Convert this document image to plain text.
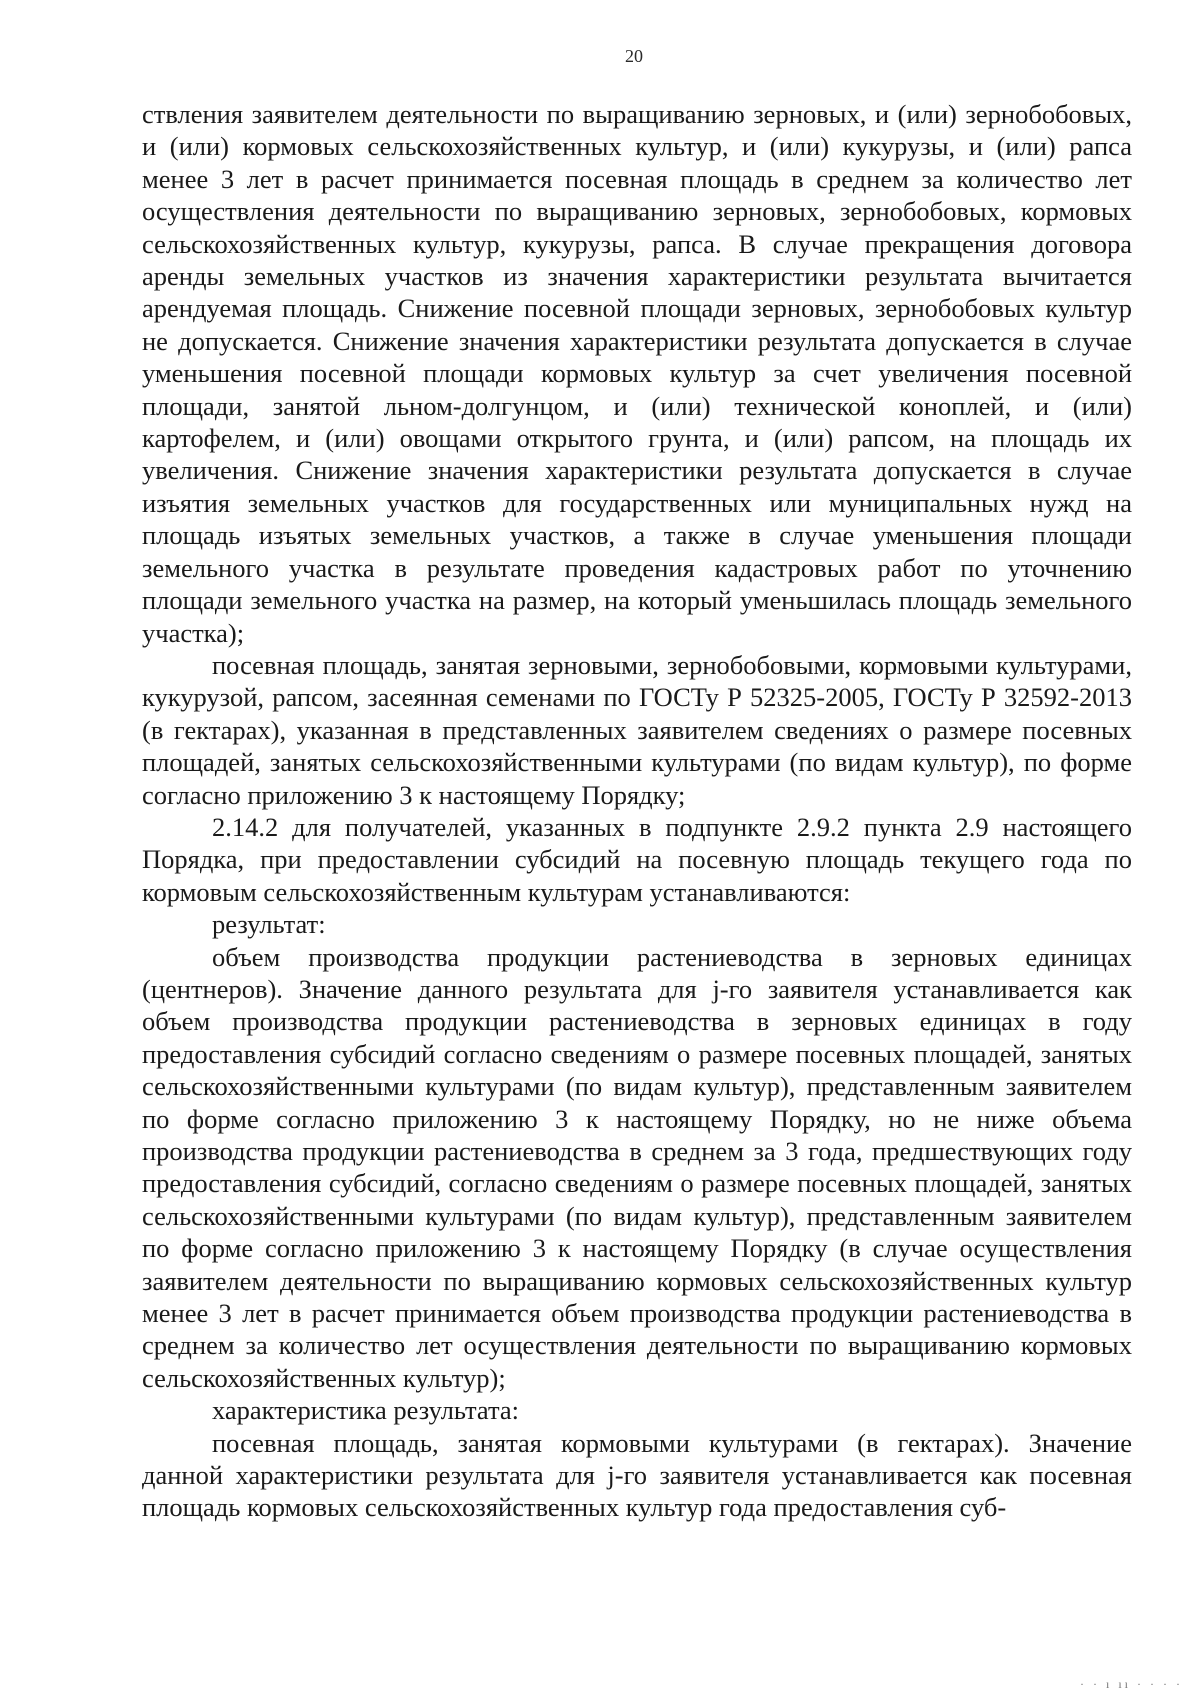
20

ствления заявителем деятельности по выращиванию зерновых, и (или) зернобобовых, и (или) кормовых сельскохозяйственных культур, и (или) кукурузы, и (или) рапса менее 3 лет в расчет принимается посевная площадь в среднем за количество лет осуществления деятельности по выращиванию зерновых, зернобобовых, кормовых сельскохозяйственных культур, кукурузы, рапса. В случае прекращения договора аренды земельных участков из значения характеристики результата вычитается арендуемая площадь. Снижение посевной площади зерновых, зернобобовых культур не допускается. Снижение значения характеристики результата допускается в случае уменьшения посевной площади кормовых культур за счет увеличения посевной площади, занятой льном-долгунцом, и (или) технической коноплей, и (или) картофелем, и (или) овощами открытого грунта, и (или) рапсом, на площадь их увеличения. Снижение значения характеристики результата допускается в случае изъятия земельных участков для государственных или муниципальных нужд на площадь изъятых земельных участков, а также в случае уменьшения площади земельного участка в результате проведения кадастровых работ по уточнению площади земельного участка на размер, на который уменьшилась площадь земельного участка);

посевная площадь, занятая зерновыми, зернобобовыми, кормовыми культурами, кукурузой, рапсом, засеянная семенами по ГОСТу Р 52325-2005, ГОСТу Р 32592-2013 (в гектарах), указанная в представленных заявителем сведениях о размере посевных площадей, занятых сельскохозяйственными культурами (по видам культур), по форме согласно приложению 3 к настоящему Порядку;

2.14.2 для получателей, указанных в подпункте 2.9.2 пункта 2.9 настоящего Порядка, при предоставлении субсидий на посевную площадь текущего года по кормовым сельскохозяйственным культурам устанавливаются:

результат:

объем производства продукции растениеводства в зерновых единицах (центнеров). Значение данного результата для j-го заявителя устанавливается как объем производства продукции растениеводства в зерновых единицах в году предоставления субсидий согласно сведениям о размере посевных площадей, занятых сельскохозяйственными культурами (по видам культур), представленным заявителем по форме согласно приложению 3 к настоящему Порядку, но не ниже объема производства продукции растениеводства в среднем за 3 года, предшествующих году предоставления субсидий, согласно сведениям о размере посевных площадей, занятых сельскохозяйственными культурами (по видам культур), представленным заявителем по форме согласно приложению 3 к настоящему Порядку (в случае осуществления заявителем деятельности по выращиванию кормовых сельскохозяйственных культур менее 3 лет в расчет принимается объем производства продукции растениеводства в среднем за количество лет осуществления деятельности по выращиванию кормовых сельскохозяйственных культур);

характеристика результата:

посевная площадь, занятая кормовыми культурами (в гектарах). Значение данной характеристики результата для j-го заявителя устанавливается как посевная площадь кормовых сельскохозяйственных культур года предоставления суб-

· · ı ıı · · · ·
